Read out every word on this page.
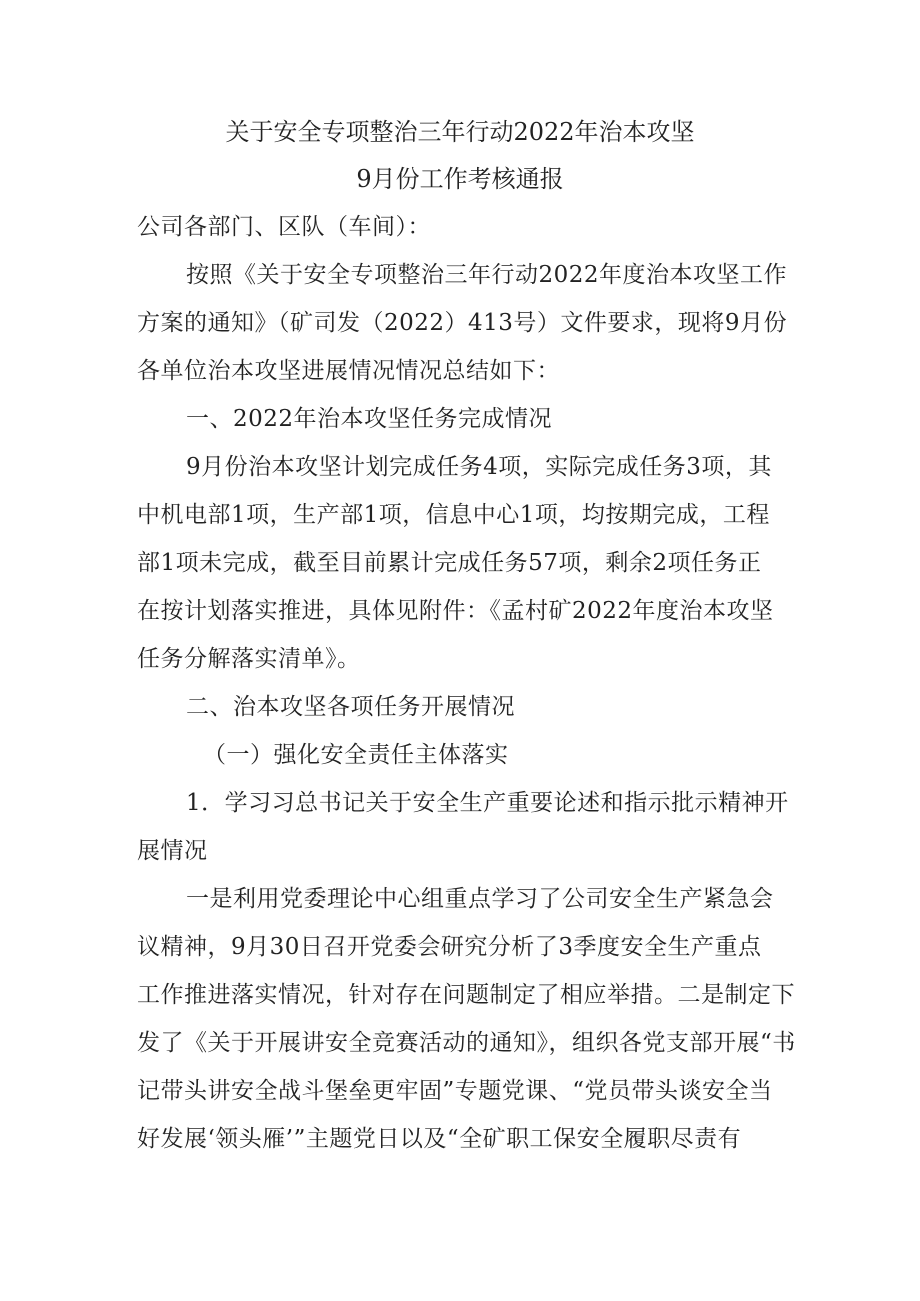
关于安全专项整治三年行动2022年治本攻坚
9月份工作考核通报
公司各部门、区队（车间）：
按照《关于安全专项整治三年行动2022年度治本攻坚工作
方案的通知》（矿司发（2022）413号）文件要求，现将9月份
各单位治本攻坚进展情况情况总结如下：
一、2022年治本攻坚任务完成情况
9月份治本攻坚计划完成任务4项，实际完成任务3项，其
中机电部1项，生产部1项，信息中心1项，均按期完成，工程
部1项未完成，截至目前累计完成任务57项，剩余2项任务正
在按计划落实推进，具体见附件：《孟村矿2022年度治本攻坚
任务分解落实清单》。
二、治本攻坚各项任务开展情况
（一）强化安全责任主体落实
1．学习习总书记关于安全生产重要论述和指示批示精神开
展情况
一是利用党委理论中心组重点学习了公司安全生产紧急会
议精神，9月30日召开党委会研究分析了3季度安全生产重点
工作推进落实情况，针对存在问题制定了相应举措。二是制定下
发了《关于开展讲安全竞赛活动的通知》，组织各党支部开展“书
记带头讲安全战斗堡垒更牢固”专题党课、“党员带头谈安全当
好发展‘领头雁’”主题党日以及“全矿职工保安全履职尽责有
